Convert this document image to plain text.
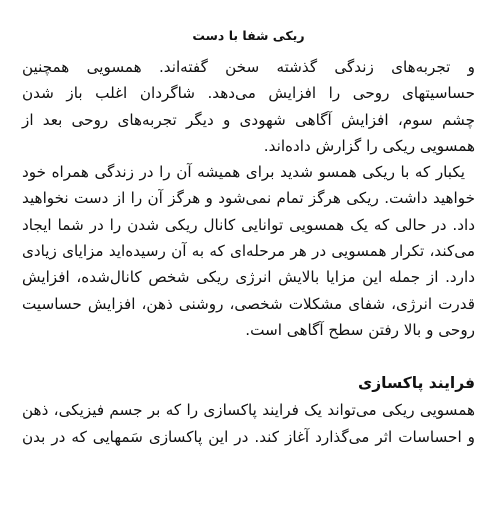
ریکی شفا با دست

و تجربه‌های زندگی گذشته سخن گفته‌اند. همسویی همچنین
حساسیتهای روحی را افزایش می‌دهد. شاگردان اغلب باز شدن
چشم سوم، افزایش آگاهی شهودی و دیگر تجربه‌های روحی بعد از
همسویی ریکی را گزارش داده‌اند.

یکبار که با ریکی همسو شدید برای همیشه آن را در زندگی همراه خود
خواهید داشت. ریکی هرگز تمام نمی‌شود و هرگز آن را از دست نخواهید
داد. در حالی که یک همسویی توانایی کانال ریکی شدن را در شما ایجاد
می‌کند، تکرار همسویی در هر مرحله‌ای که به آن رسیده‌اید مزایای زیادی
دارد. از جمله این مزایا بالایش انرژی ریکی شخص کانال‌شده، افزایش
قدرت انرژی، شفای مشکلات شخصی، روشنی ذهن، افزایش حساسیت
روحی و بالا رفتن سطح آگاهی است.

فرایند پاکسازی

همسویی ریکی می‌تواند یک فرایند پاکسازی را که بر جسم فیزیکی، ذهن
و احساسات اثر می‌گذارد آغاز کند. در این پاکسازی سَمهایی که در بدن
